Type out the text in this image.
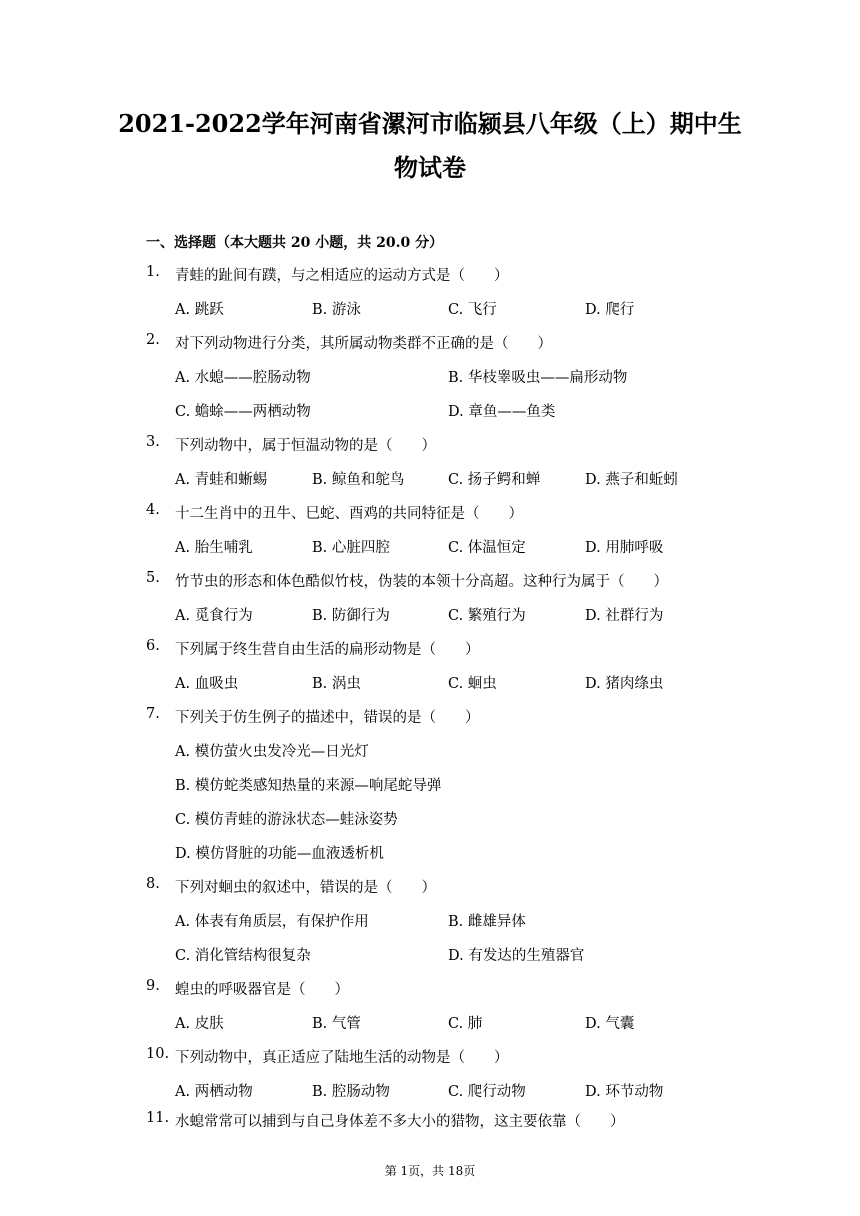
2021-2022学年河南省漯河市临颍县八年级（上）期中生
物试卷
一、选择题（本大题共 20 小题，共 20.0 分）
1. 青蛙的趾间有蹼，与之相适应的运动方式是（　　）
A. 跳跃	B. 游泳	C. 飞行	D. 爬行
2. 对下列动物进行分类，其所属动物类群不正确的是（　　）
A. 水螅——腔肠动物	B. 华枝睾吸虫——扁形动物
C. 蟾蜍——两栖动物	D. 章鱼——鱼类
3. 下列动物中，属于恒温动物的是（　　）
A. 青蛙和蜥蜴	B. 鲸鱼和鸵鸟	C. 扬子鳄和蝉	D. 燕子和蚯蚓
4. 十二生肖中的丑牛、巳蛇、酉鸡的共同特征是（　　）
A. 胎生哺乳	B. 心脏四腔	C. 体温恒定	D. 用肺呼吸
5. 竹节虫的形态和体色酷似竹枝，伪装的本领十分高超。这种行为属于（　　）
A. 觅食行为	B. 防御行为	C. 繁殖行为	D. 社群行为
6. 下列属于终生营自由生活的扁形动物是（　　）
A. 血吸虫	B. 涡虫	C. 蛔虫	D. 猪肉绦虫
7. 下列关于仿生例子的描述中，错误的是（　　）
A. 模仿萤火虫发冷光—日光灯
B. 模仿蛇类感知热量的来源—响尾蛇导弹
C. 模仿青蛙的游泳状态—蛙泳姿势
D. 模仿肾脏的功能—血液透析机
8. 下列对蛔虫的叙述中，错误的是（　　）
A. 体表有角质层，有保护作用	B. 雌雄异体
C. 消化管结构很复杂	D. 有发达的生殖器官
9. 蝗虫的呼吸器官是（　　）
A. 皮肤	B. 气管	C. 肺	D. 气囊
10. 下列动物中，真正适应了陆地生活的动物是（　　）
A. 两栖动物	B. 腔肠动物	C. 爬行动物	D. 环节动物
11. 水螅常常可以捕到与自己身体差不多大小的猎物，这主要依靠（　　）
第 1页，共 18页
